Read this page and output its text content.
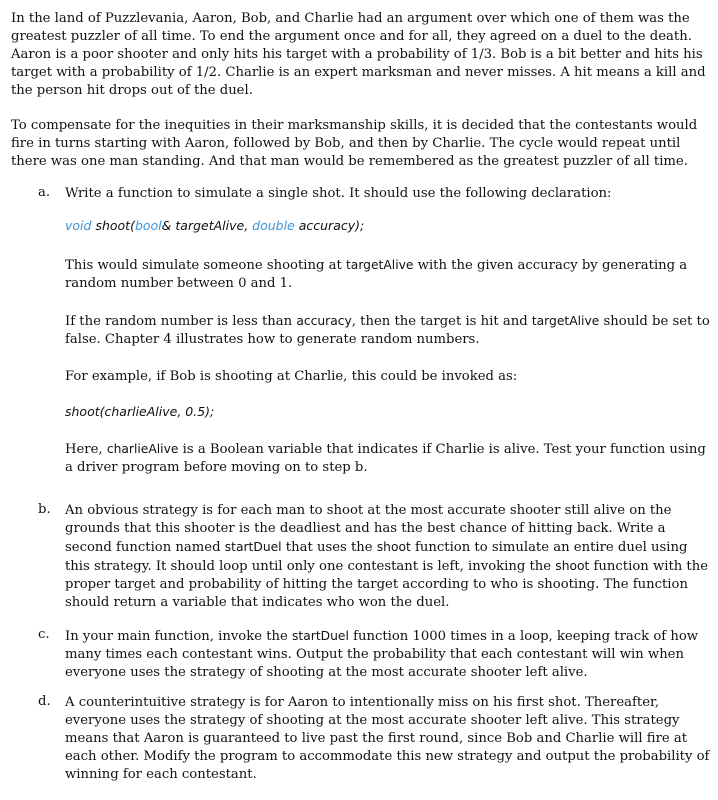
In the land of Puzzlevania, Aaron, Bob, and Charlie had an argument over which one of them was the greatest puzzler of all time. To end the argument once and for all, they agreed on a duel to the death. Aaron is a poor shooter and only hits his target with a probability of 1/3. Bob is a bit better and hits his target with a probability of 1/2. Charlie is an expert marksman and never misses. A hit means a kill and the person hit drops out of the duel.

To compensate for the inequities in their marksmanship skills, it is decided that the contestants would fire in turns starting with Aaron, followed by Bob, and then by Charlie. The cycle would repeat until there was one man standing. And that man would be remembered as the greatest puzzler of all time.

a. Write a function to simulate a single shot. It should use the following declaration:

void shoot(bool& targetAlive, double accuracy);

This would simulate someone shooting at targetAlive with the given accuracy by generating a random number between 0 and 1.

If the random number is less than accuracy, then the target is hit and targetAlive should be set to false. Chapter 4 illustrates how to generate random numbers.

For example, if Bob is shooting at Charlie, this could be invoked as:

shoot(charlieAlive, 0.5);

Here, charlieAlive is a Boolean variable that indicates if Charlie is alive. Test your function using a driver program before moving on to step b.

b. An obvious strategy is for each man to shoot at the most accurate shooter still alive on the grounds that this shooter is the deadliest and has the best chance of hitting back. Write a second function named startDuel that uses the shoot function to simulate an entire duel using this strategy. It should loop until only one contestant is left, invoking the shoot function with the proper target and probability of hitting the target according to who is shooting. The function should return a variable that indicates who won the duel.

c. In your main function, invoke the startDuel function 1000 times in a loop, keeping track of how many times each contestant wins. Output the probability that each contestant will win when everyone uses the strategy of shooting at the most accurate shooter left alive.

d. A counterintuitive strategy is for Aaron to intentionally miss on his first shot. Thereafter, everyone uses the strategy of shooting at the most accurate shooter left alive. This strategy means that Aaron is guaranteed to live past the first round, since Bob and Charlie will fire at each other. Modify the program to accommodate this new strategy and output the probability of winning for each contestant.
